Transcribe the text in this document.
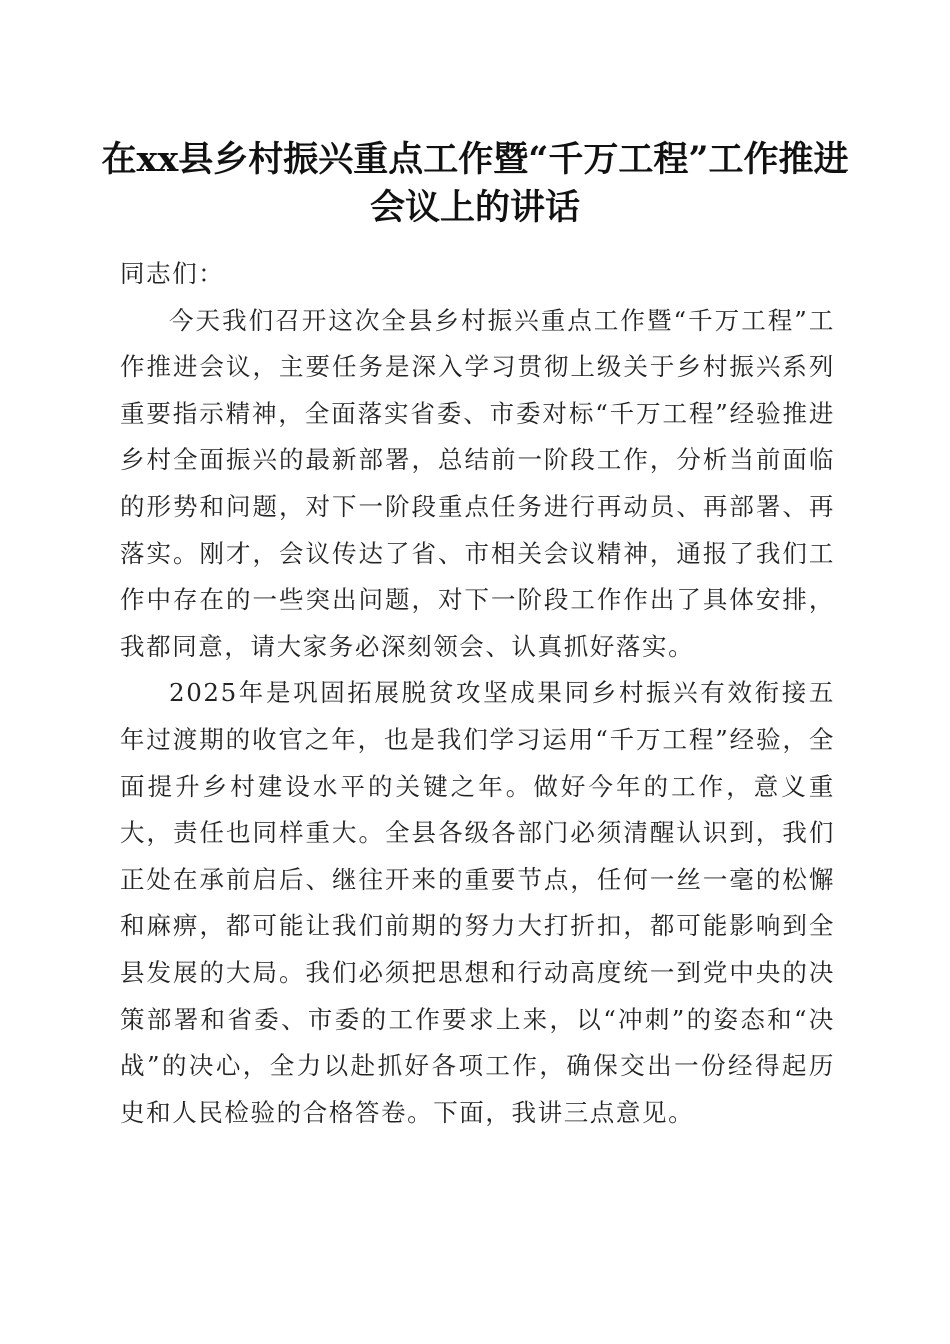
在xx县乡村振兴重点工作暨“千万工程”工作推进会议上的讲话

同志们：

今天我们召开这次全县乡村振兴重点工作暨“千万工程”工作推进会议，主要任务是深入学习贯彻上级关于乡村振兴系列重要指示精神，全面落实省委、市委对标“千万工程”经验推进乡村全面振兴的最新部署，总结前一阶段工作，分析当前面临的形势和问题，对下一阶段重点任务进行再动员、再部署、再落实。刚才，会议传达了省、市相关会议精神，通报了我们工作中存在的一些突出问题，对下一阶段工作作出了具体安排，我都同意，请大家务必深刻领会、认真抓好落实。

2025年是巩固拓展脱贫攻坚成果同乡村振兴有效衔接五年过渡期的收官之年，也是我们学习运用“千万工程”经验，全面提升乡村建设水平的关键之年。做好今年的工作，意义重大，责任也同样重大。全县各级各部门必须清醒认识到，我们正处在承前启后、继往开来的重要节点，任何一丝一毫的松懈和麻痹，都可能让我们前期的努力大打折扣，都可能影响到全县发展的大局。我们必须把思想和行动高度统一到党中央的决策部署和省委、市委的工作要求上来，以“冲刺”的姿态和“决战”的决心，全力以赴抓好各项工作，确保交出一份经得起历史和人民检验的合格答卷。下面，我讲三点意见。
